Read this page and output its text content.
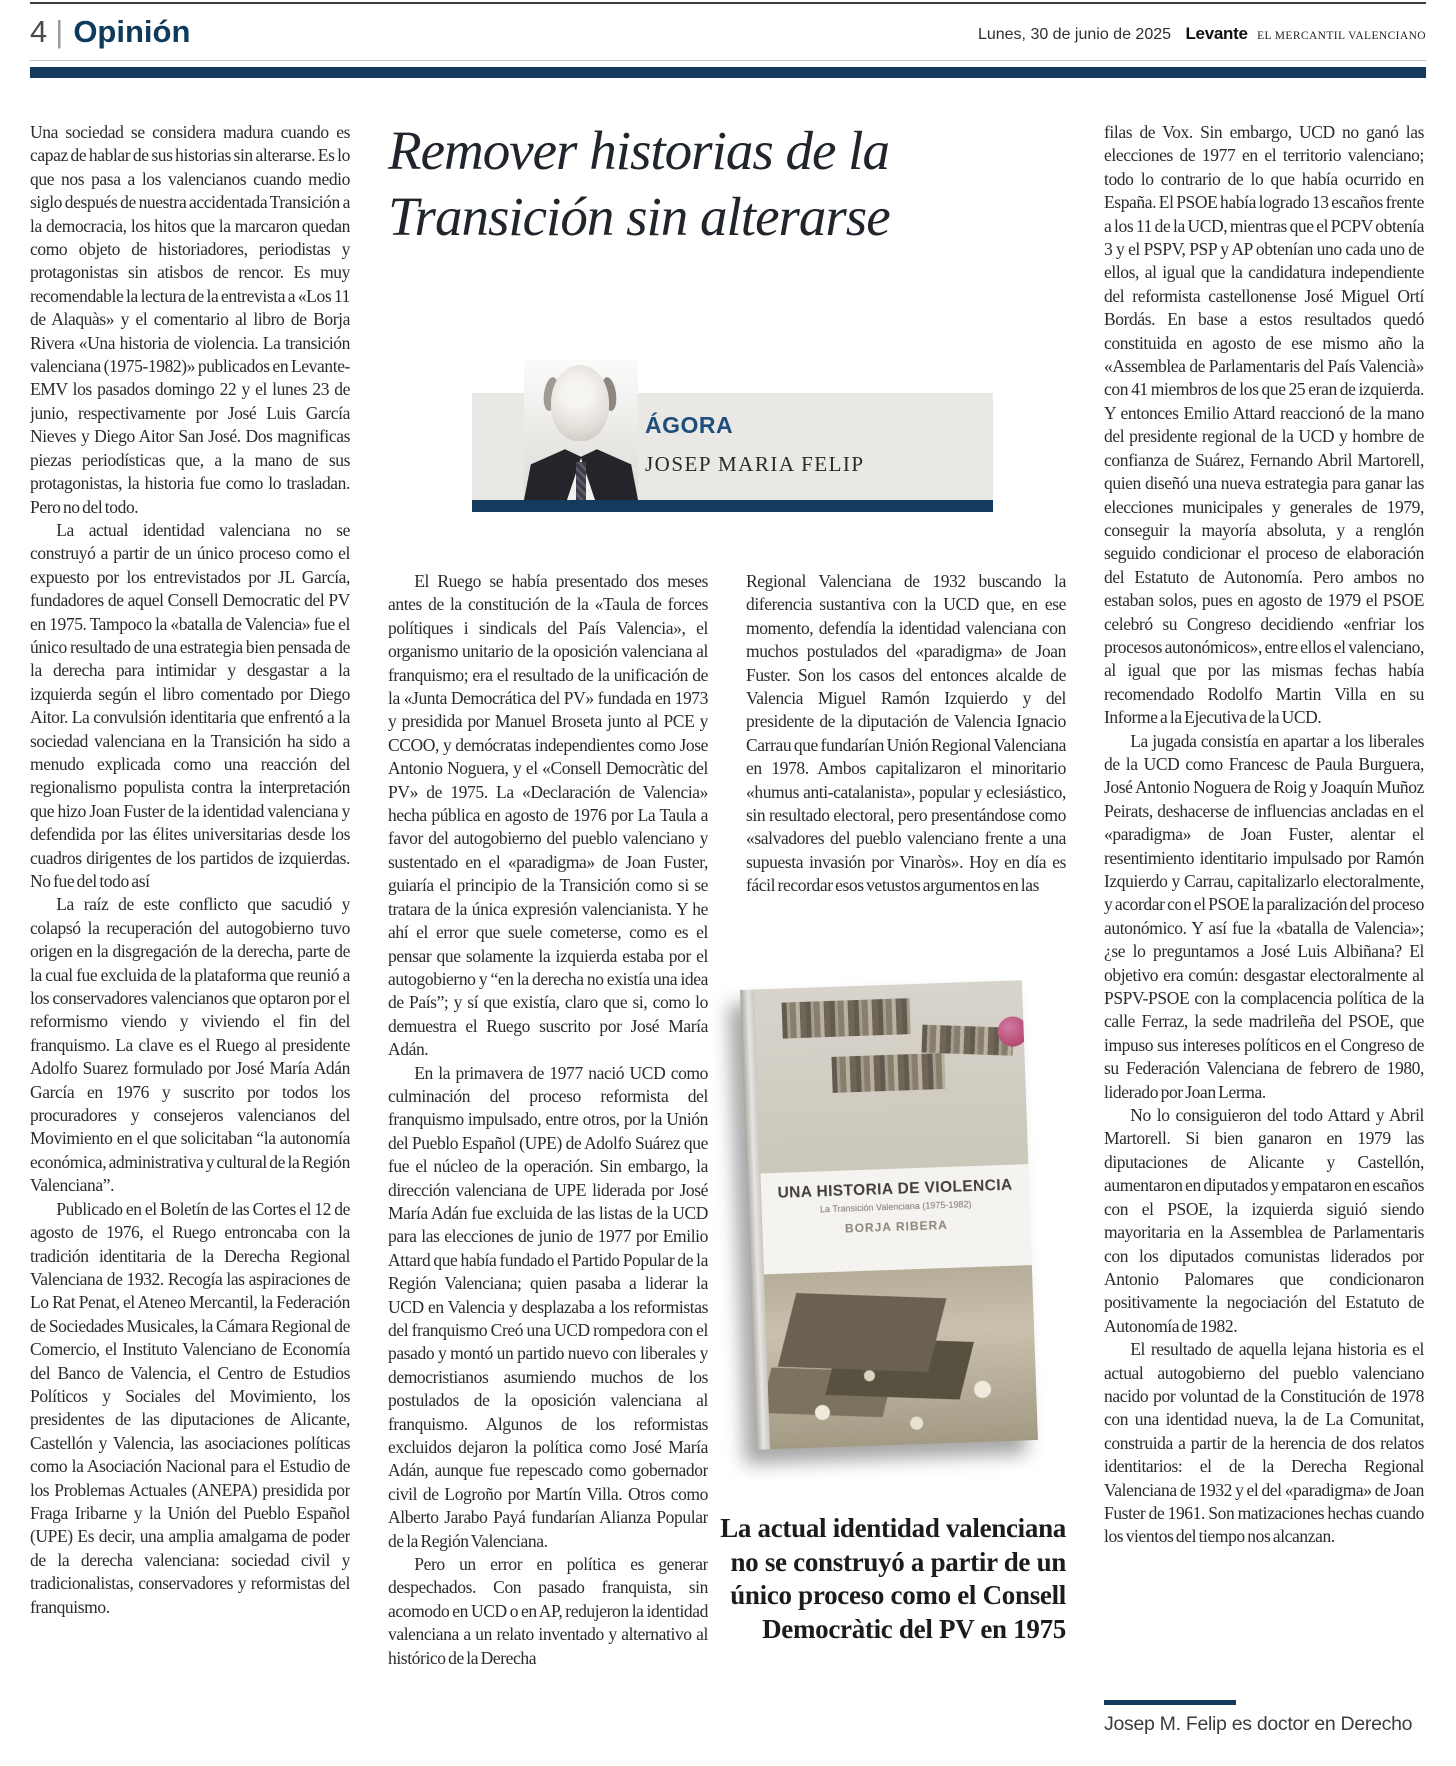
4 | Opinión	Lunes, 30 de junio de 2025 Levante EL MERCANTIL VALENCIANO
Remover historias de la
Transición sin alterarse
ÁGORA
JOSEP MARIA FELIP

Una sociedad se considera madura cuando es capaz de hablar de sus historias sin alterarse. Es lo que nos pasa a los valencianos cuando medio siglo después de nuestra accidentada Transición a la democracia, los hitos que la marcaron quedan como objeto de historiadores, periodistas y protagonistas sin atisbos de rencor. Es muy recomendable la lectura de la entrevista a «Los 11 de Alaquàs» y el comentario al libro de Borja Rivera «Una historia de violencia. La transición valenciana (1975-1982)» publicados en Levante-EMV los pasados domingo 22 y el lunes 23 de junio, respectivamente por José Luis García Nieves y Diego Aitor San José. Dos magnificas piezas periodísticas que, a la mano de sus protagonistas, la historia fue como lo trasladan. Pero no del todo.

La actual identidad valenciana no se construyó a partir de un único proceso como el expuesto por los entrevistados por JL García, fundadores de aquel Consell Democratic del PV en 1975. Tampoco la «batalla de Valencia» fue el único resultado de una estrategia bien pensada de la derecha para intimidar y desgastar a la izquierda según el libro comentado por Diego Aitor. La convulsión identitaria que enfrentó a la sociedad valenciana en la Transición ha sido a menudo explicada como una reacción del regionalismo populista contra la interpretación que hizo Joan Fuster de la identidad valenciana y defendida por las élites universitarias desde los cuadros dirigentes de los partidos de izquierdas. No fue del todo así

La raíz de este conflicto que sacudió y colapsó la recuperación del autogobierno tuvo origen en la disgregación de la derecha, parte de la cual fue excluida de la plataforma que reunió a los conservadores valencianos que optaron por el reformismo viendo y viviendo el fin del franquismo. La clave es el Ruego al presidente Adolfo Suarez formulado por José María Adán García en 1976 y suscrito por todos los procuradores y consejeros valencianos del Movimiento en el que solicitaban “la autonomía económica, administrativa y cultural de la Región Valenciana”.

Publicado en el Boletín de las Cortes el 12 de agosto de 1976, el Ruego entroncaba con la tradición identitaria de la Derecha Regional Valenciana de 1932. Recogía las aspiraciones de Lo Rat Penat, el Ateneo Mercantil, la Federación de Sociedades Musicales, la Cámara Regional de Comercio, el Instituto Valenciano de Economía del Banco de Valencia, el Centro de Estudios Políticos y Sociales del Movimiento, los presidentes de las diputaciones de Alicante, Castellón y Valencia, las asociaciones políticas como la Asociación Nacional para el Estudio de los Problemas Actuales (ANEPA) presidida por Fraga Iribarne y la Unión del Pueblo Español (UPE) Es decir, una amplia amalgama de poder de la derecha valenciana: sociedad civil y tradicionalistas, conservadores y reformistas del franquismo.

El Ruego se había presentado dos meses antes de la constitución de la «Taula de forces polítiques i sindicals del País Valencia», el organismo unitario de la oposición valenciana al franquismo; era el resultado de la unificación de la «Junta Democrática del PV» fundada en 1973 y presidida por Manuel Broseta junto al PCE y CCOO, y demócratas independientes como Jose Antonio Noguera, y el «Consell Democràtic del PV» de 1975. La «Declaración de Valencia» hecha pública en agosto de 1976 por La Taula a favor del autogobierno del pueblo valenciano y sustentado en el «paradigma» de Joan Fuster, guiaría el principio de la Transición como si se tratara de la única expresión valencianista. Y he ahí el error que suele cometerse, como es el pensar que solamente la izquierda estaba por el autogobierno y “en la derecha no existía una idea de País”; y sí que existía, claro que si, como lo demuestra el Ruego suscrito por José María Adán.

En la primavera de 1977 nació UCD como culminación del proceso reformista del franquismo impulsado, entre otros, por la Unión del Pueblo Español (UPE) de Adolfo Suárez que fue el núcleo de la operación. Sin embargo, la dirección valenciana de UPE liderada por José María Adán fue excluida de las listas de la UCD para las elecciones de junio de 1977 por Emilio Attard que había fundado el Partido Popular de la Región Valenciana; quien pasaba a liderar la UCD en Valencia y desplazaba a los reformistas del franquismo Creó una UCD rompedora con el pasado y montó un partido nuevo con liberales y democristianos asumiendo muchos de los postulados de la oposición valenciana al franquismo. Algunos de los reformistas excluidos dejaron la política como José María Adán, aunque fue repescado como gobernador civil de Logroño por Martín Villa. Otros como Alberto Jarabo Payá fundarían Alianza Popular de la Región Valenciana.

Pero un error en política es generar despechados. Con pasado franquista, sin acomodo en UCD o en AP, redujeron la identidad valenciana a un relato inventado y alternativo al histórico de la Derecha

Regional Valenciana de 1932 buscando la diferencia sustantiva con la UCD que, en ese momento, defendía la identidad valenciana con muchos postulados del «paradigma» de Joan Fuster. Son los casos del entonces alcalde de Valencia Miguel Ramón Izquierdo y del presidente de la diputación de Valencia Ignacio Carrau que fundarían Unión Regional Valenciana en 1978. Ambos capitalizaron el minoritario «humus anti-catalanista», popular y eclesiástico, sin resultado electoral, pero presentándose como «salvadores del pueblo valenciano frente a una supuesta invasión por Vinaròs». Hoy en día es fácil recordar esos vetustos argumentos en las

filas de Vox. Sin embargo, UCD no ganó las elecciones de 1977 en el territorio valenciano; todo lo contrario de lo que había ocurrido en España. El PSOE había logrado 13 escaños frente a los 11 de la UCD, mientras que el PCPV obtenía 3 y el PSPV, PSP y AP obtenían uno cada uno de ellos, al igual que la candidatura independiente del reformista castellonense José Miguel Ortí Bordás. En base a estos resultados quedó constituida en agosto de ese mismo año la «Assemblea de Parlamentaris del País Valencià» con 41 miembros de los que 25 eran de izquierda. Y entonces Emilio Attard reaccionó de la mano del presidente regional de la UCD y hombre de confianza de Suárez, Fernando Abril Martorell, quien diseñó una nueva estrategia para ganar las elecciones municipales y generales de 1979, conseguir la mayoría absoluta, y a renglón seguido condicionar el proceso de elaboración del Estatuto de Autonomía. Pero ambos no estaban solos, pues en agosto de 1979 el PSOE celebró su Congreso decidiendo «enfriar los procesos autonómicos», entre ellos el valenciano, al igual que por las mismas fechas había recomendado Rodolfo Martin Villa en su Informe a la Ejecutiva de la UCD.

La jugada consistía en apartar a los liberales de la UCD como Francesc de Paula Burguera, José Antonio Noguera de Roig y Joaquín Muñoz Peirats, deshacerse de influencias ancladas en el «paradigma» de Joan Fuster, alentar el resentimiento identitario impulsado por Ramón Izquierdo y Carrau, capitalizarlo electoralmente, y acordar con el PSOE la paralización del proceso autonómico. Y así fue la «batalla de Valencia»; ¿se lo preguntamos a José Luis Albiñana? El objetivo era común: desgastar electoralmente al PSPV-PSOE con la complacencia política de la calle Ferraz, la sede madrileña del PSOE, que impuso sus intereses políticos en el Congreso de su Federación Valenciana de febrero de 1980, liderado por Joan Lerma.

No lo consiguieron del todo Attard y Abril Martorell. Si bien ganaron en 1979 las diputaciones de Alicante y Castellón, aumentaron en diputados y empataron en escaños con el PSOE, la izquierda siguió siendo mayoritaria en la Assemblea de Parlamentaris con los diputados comunistas liderados por Antonio Palomares que condicionaron positivamente la negociación del Estatuto de Autonomía de 1982.

El resultado de aquella lejana historia es el actual autogobierno del pueblo valenciano nacido por voluntad de la Constitución de 1978 con una identidad nueva, la de La Comunitat, construida a partir de la herencia de dos relatos identitarios: el de la Derecha Regional Valenciana de 1932 y el del «paradigma» de Joan Fuster de 1961. Son matizaciones hechas cuando los vientos del tiempo nos alcanzan.

UNA HISTORIA DE VIOLENCIA
La Transición Valenciana (1975-1982)
BORJA RIBERA
La actual identidad valenciana no se construyó a partir de un único proceso como el Consell Democràtic del PV en 1975
Josep M. Felip es doctor en Derecho
